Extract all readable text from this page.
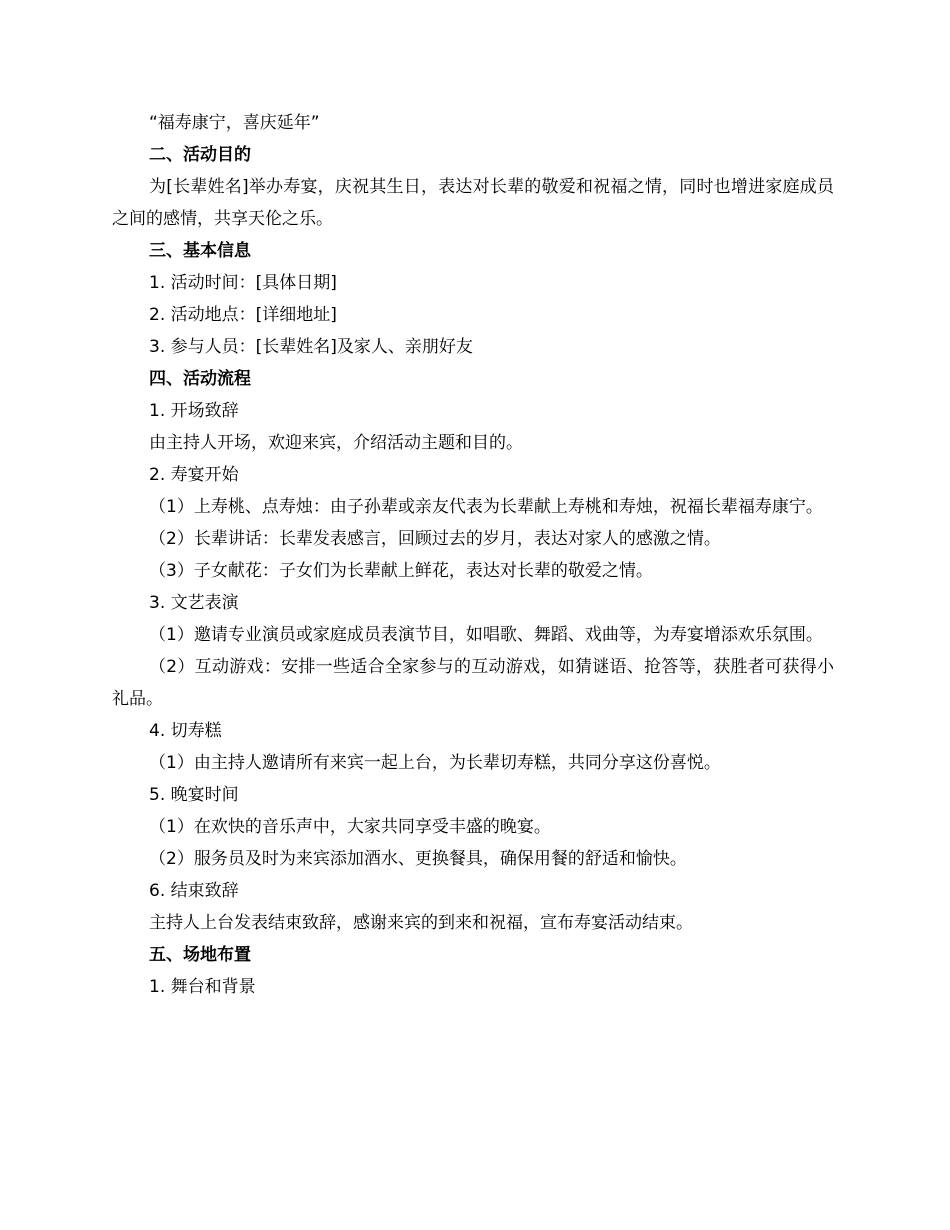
“福寿康宁，喜庆延年”
二、活动目的
为[长辈姓名]举办寿宴，庆祝其生日，表达对长辈的敬爱和祝福之情，同时也增进家庭成员之间的感情，共享天伦之乐。
三、基本信息
1. 活动时间：[具体日期]
2. 活动地点：[详细地址]
3. 参与人员：[长辈姓名]及家人、亲朋好友
四、活动流程
1. 开场致辞
由主持人开场，欢迎来宾，介绍活动主题和目的。
2. 寿宴开始
（1）上寿桃、点寿烛：由子孙辈或亲友代表为长辈献上寿桃和寿烛，祝福长辈福寿康宁。
（2）长辈讲话：长辈发表感言，回顾过去的岁月，表达对家人的感激之情。
（3）子女献花：子女们为长辈献上鲜花，表达对长辈的敬爱之情。
3. 文艺表演
（1）邀请专业演员或家庭成员表演节目，如唱歌、舞蹈、戏曲等，为寿宴增添欢乐氛围。
（2）互动游戏：安排一些适合全家参与的互动游戏，如猜谜语、抢答等，获胜者可获得小礼品。
4. 切寿糕
（1）由主持人邀请所有来宾一起上台，为长辈切寿糕，共同分享这份喜悦。
5. 晚宴时间
（1）在欢快的音乐声中，大家共同享受丰盛的晚宴。
（2）服务员及时为来宾添加酒水、更换餐具，确保用餐的舒适和愉快。
6. 结束致辞
主持人上台发表结束致辞，感谢来宾的到来和祝福，宣布寿宴活动结束。
五、场地布置
1. 舞台和背景
